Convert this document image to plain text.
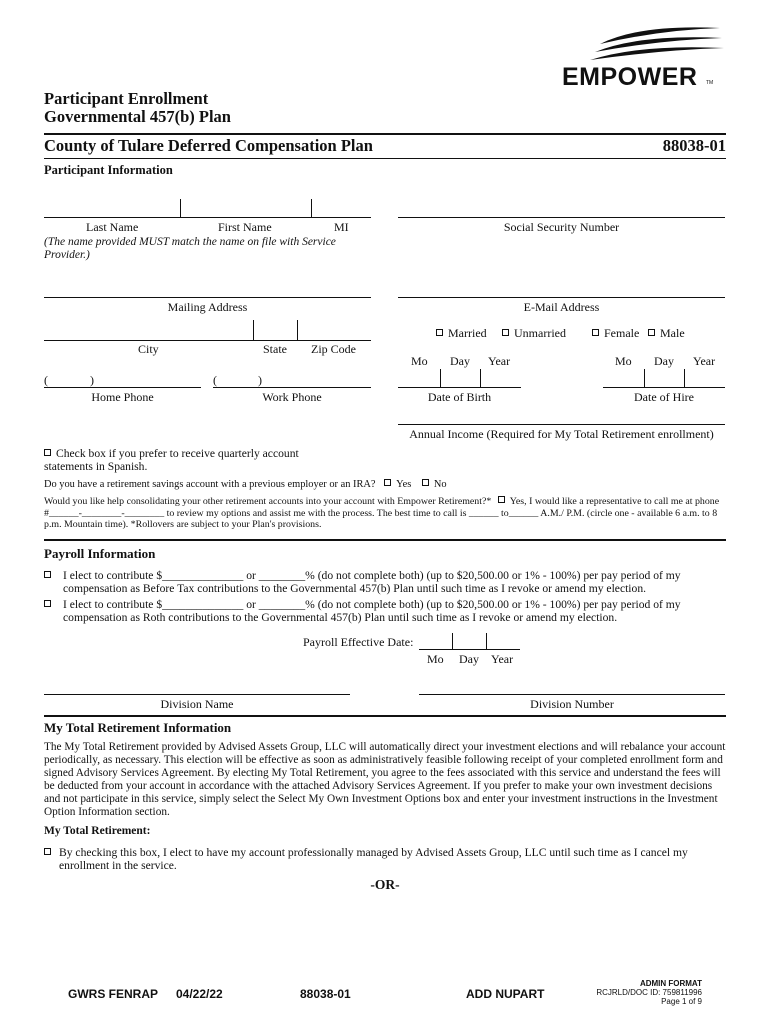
EMPOWER TM
Participant Enrollment
Governmental 457(b) Plan
County of Tulare Deferred Compensation Plan	88038-01
Participant Information
Last Name	First Name	MI
(The name provided MUST match the name on file with Service Provider.)
Social Security Number
Mailing Address	E-Mail Address
City	State Zip Code
Married	Unmarried	Female	Male
Mo Day Year	Mo Day Year
(	)	(	)
Home Phone	Work Phone	Date of Birth	Date of Hire
Annual Income (Required for My Total Retirement enrollment)
Check box if you prefer to receive quarterly account statements in Spanish.
Do you have a retirement savings account with a previous employer or an IRA? Yes No
Would you like help consolidating your other retirement accounts into your account with Empower Retirement?* Yes, I would like a representative to call me at phone #______-________-________ to review my options and assist me with the process. The best time to call is ______ to______ A.M./ P.M. (circle one - available 6 a.m. to 8 p.m. Mountain time). *Rollovers are subject to your Plan's provisions.
Payroll Information
I elect to contribute $______________ or ________% (do not complete both) (up to $20,500.00 or 1% - 100%) per pay period of my compensation as Before Tax contributions to the Governmental 457(b) Plan until such time as I revoke or amend my election.
I elect to contribute $______________ or ________% (do not complete both) (up to $20,500.00 or 1% - 100%) per pay period of my compensation as Roth contributions to the Governmental 457(b) Plan until such time as I revoke or amend my election.
Payroll Effective Date:
Mo Day Year
Division Name	Division Number
My Total Retirement Information
The My Total Retirement provided by Advised Assets Group, LLC will automatically direct your investment elections and will rebalance your account periodically, as necessary. This election will be effective as soon as administratively feasible following receipt of your completed enrollment form and signed Advisory Services Agreement. By electing My Total Retirement, you agree to the fees associated with this service and understand the fees will be deducted from your account in accordance with the attached Advisory Services Agreement. If you prefer to make your own investment decisions and not participate in this service, simply select the Select My Own Investment Options box and enter your investment instructions in the Investment Option Information section.
My Total Retirement:
By checking this box, I elect to have my account professionally managed by Advised Assets Group, LLC until such time as I cancel my enrollment in the service.
-OR-
GWRS FENRAP 04/22/22	88038-01	ADD NUPART
ADMIN FORMAT
RCJRLD/DOC ID: 759811996
Page 1 of 9
